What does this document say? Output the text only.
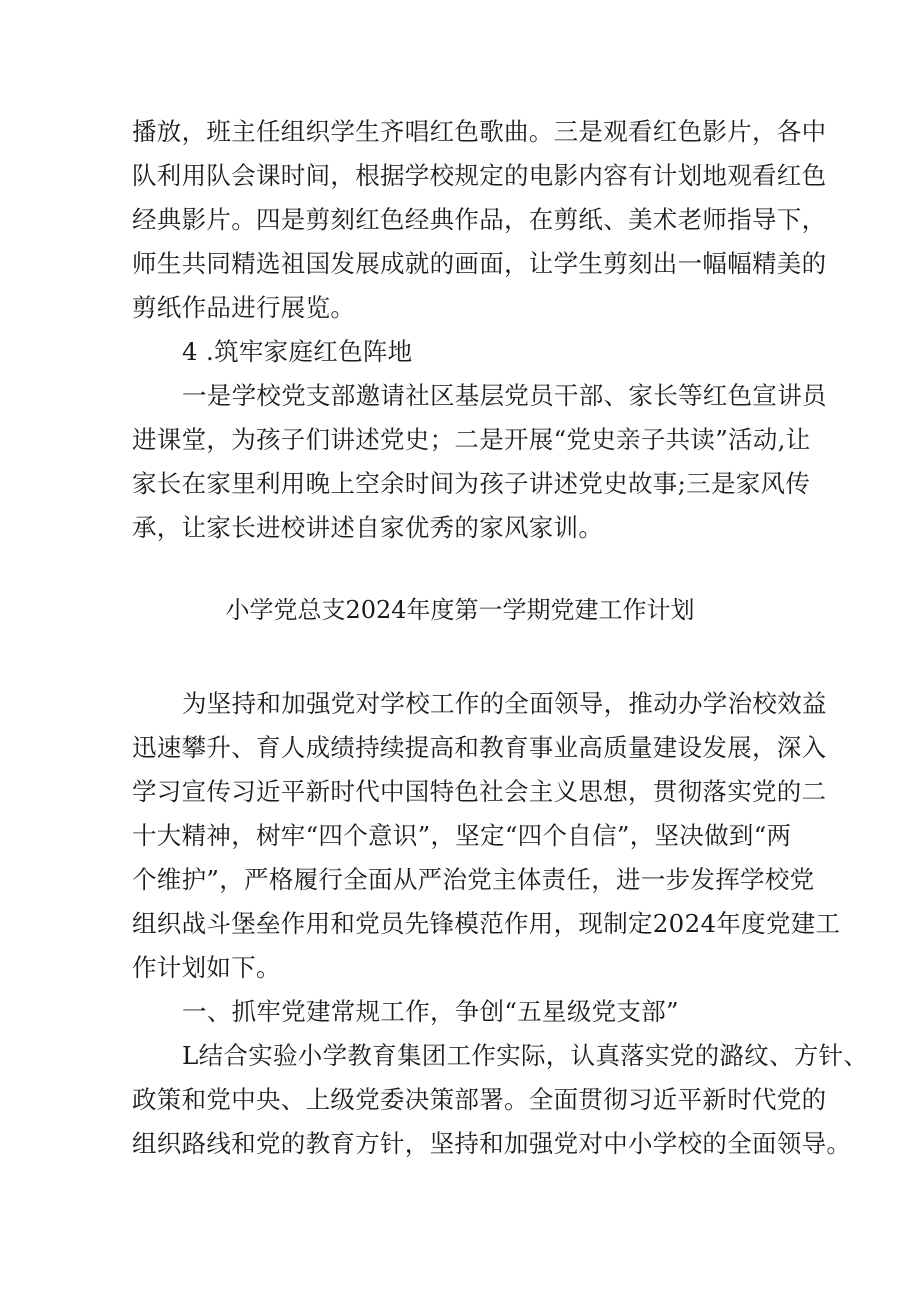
播放，班主任组织学生齐唱红色歌曲。三是观看红色影片，各中
队利用队会课时间，根据学校规定的电影内容有计划地观看红色
经典影片。四是剪刻红色经典作品，在剪纸、美术老师指导下，
师生共同精选祖国发展成就的画面，让学生剪刻出一幅幅精美的
剪纸作品进行展览。
4 .筑牢家庭红色阵地
一是学校党支部邀请社区基层党员干部、家长等红色宣讲员
进课堂，为孩子们讲述党史；二是开展“党史亲子共读”活动,让
家长在家里利用晚上空余时间为孩子讲述党史故事;三是家风传
承，让家长进校讲述自家优秀的家风家训。
小学党总支2024年度第一学期党建工作计划
为坚持和加强党对学校工作的全面领导，推动办学治校效益
迅速攀升、育人成绩持续提高和教育事业高质量建设发展，深入
学习宣传习近平新时代中国特色社会主义思想，贯彻落实党的二
十大精神，树牢“四个意识”，坚定“四个自信”，坚决做到“两
个维护”，严格履行全面从严治党主体责任，进一步发挥学校党
组织战斗堡垒作用和党员先锋模范作用，现制定2024年度党建工
作计划如下。
一、抓牢党建常规工作，争创“五星级党支部”
L结合实验小学教育集团工作实际，认真落实党的潞纹、方针、
政策和党中央、上级党委决策部署。全面贯彻习近平新时代党的
组织路线和党的教育方针，坚持和加强党对中小学校的全面领导。
